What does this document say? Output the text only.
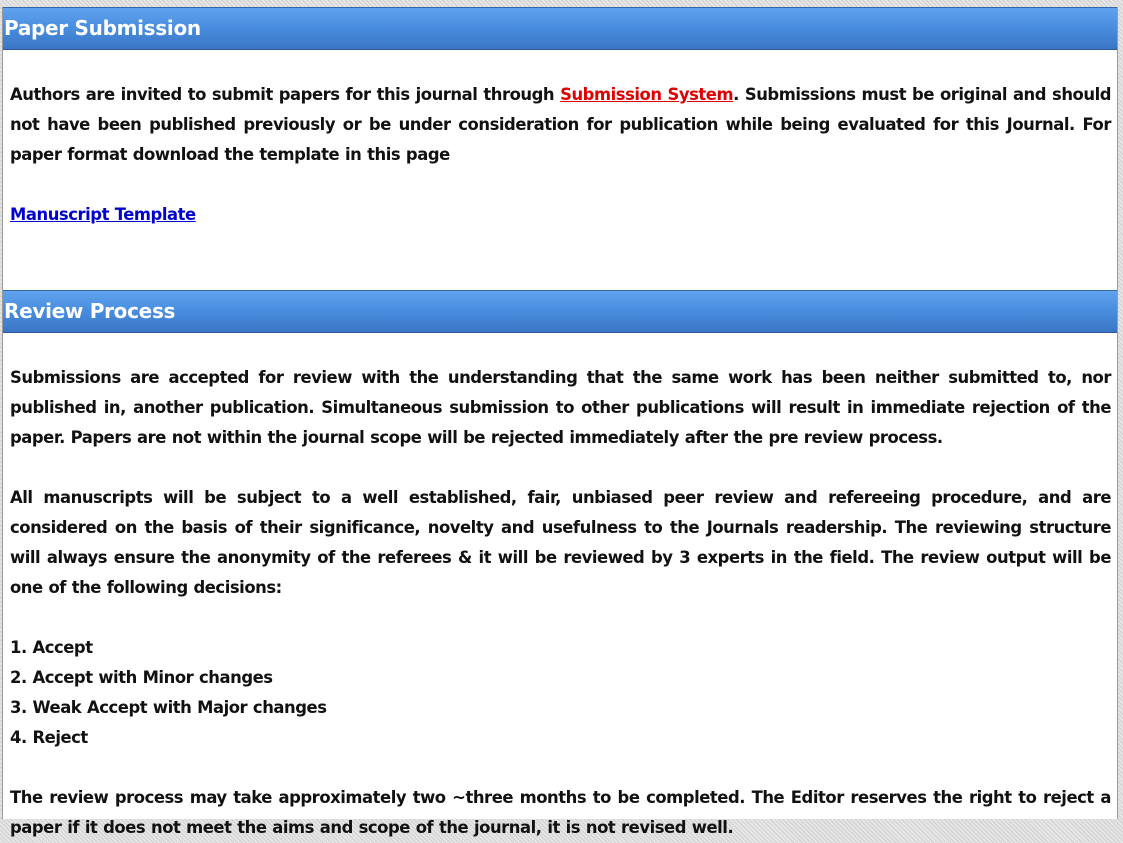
Paper Submission

Authors are invited to submit papers for this journal through Submission System. Submissions must be original and should not have been published previously or be under consideration for publication while being evaluated for this Journal. For paper format download the template in this page

Manuscript Template

Review Process

Submissions are accepted for review with the understanding that the same work has been neither submitted to, nor published in, another publication. Simultaneous submission to other publications will result in immediate rejection of the paper. Papers are not within the journal scope will be rejected immediately after the pre review process.

All manuscripts will be subject to a well established, fair, unbiased peer review and refereeing procedure, and are considered on the basis of their significance, novelty and usefulness to the Journals readership. The reviewing structure will always ensure the anonymity of the referees & it will be reviewed by 3 experts in the field. The review output will be one of the following decisions:

1. Accept

2. Accept with Minor changes

3. Weak Accept with Major changes

4. Reject

The review process may take approximately two ~three months to be completed. The Editor reserves the right to reject a paper if it does not meet the aims and scope of the journal, it is not revised well.
